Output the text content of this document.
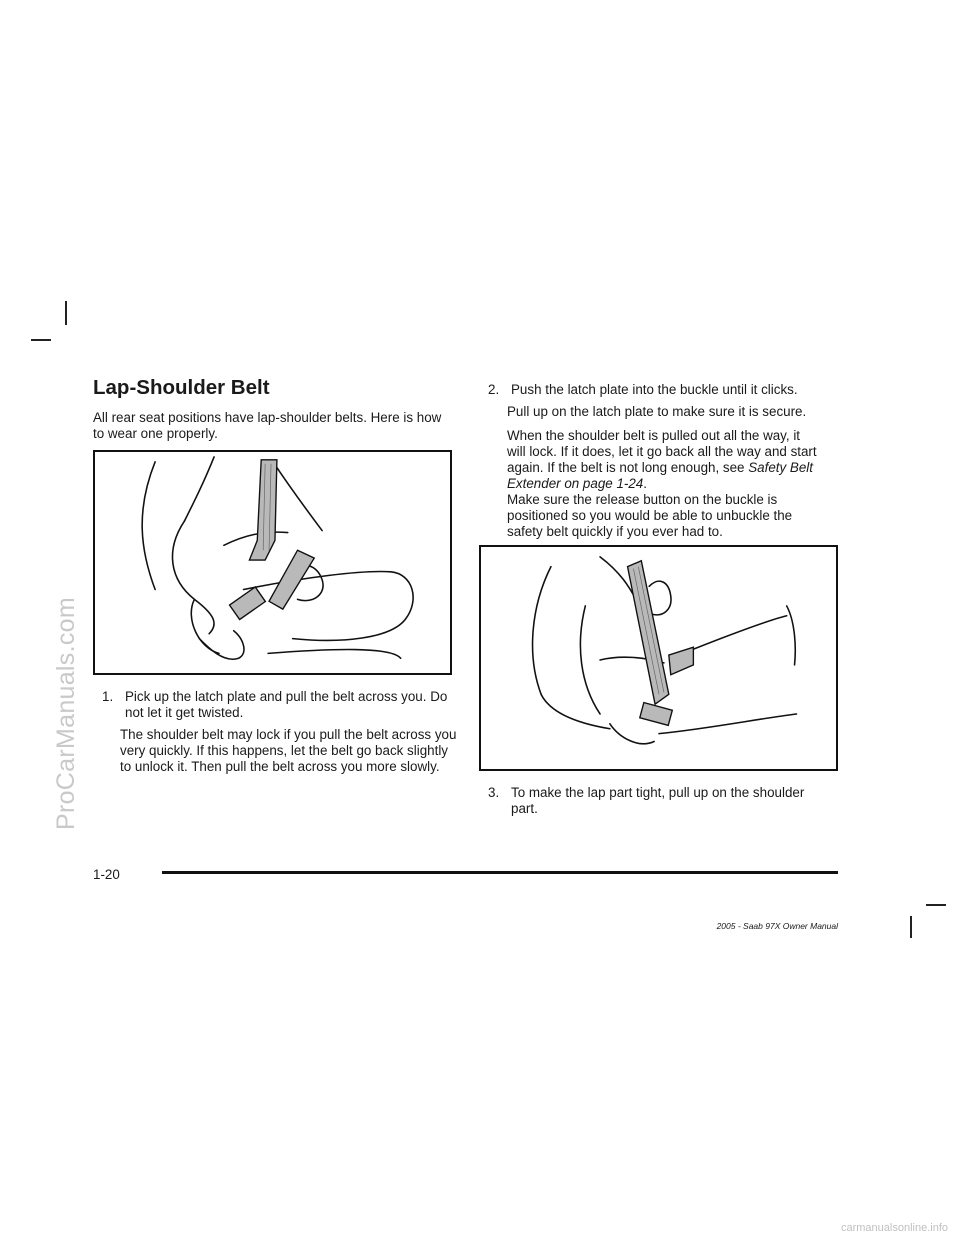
ProCarManuals.com
Lap-Shoulder Belt

All rear seat positions have lap-shoulder belts. Here is how to wear one properly.

1. Pick up the latch plate and pull the belt across you. Do not let it get twisted.

The shoulder belt may lock if you pull the belt across you very quickly. If this happens, let the belt go back slightly to unlock it. Then pull the belt across you more slowly.

2. Push the latch plate into the buckle until it clicks.

Pull up on the latch plate to make sure it is secure.

When the shoulder belt is pulled out all the way, it will lock. If it does, let it go back all the way and start again. If the belt is not long enough, see Safety Belt Extender on page 1-24.

Make sure the release button on the buckle is positioned so you would be able to unbuckle the safety belt quickly if you ever had to.

3. To make the lap part tight, pull up on the shoulder part.
1-20
2005 - Saab 97X Owner Manual
carmanualsonline.info
